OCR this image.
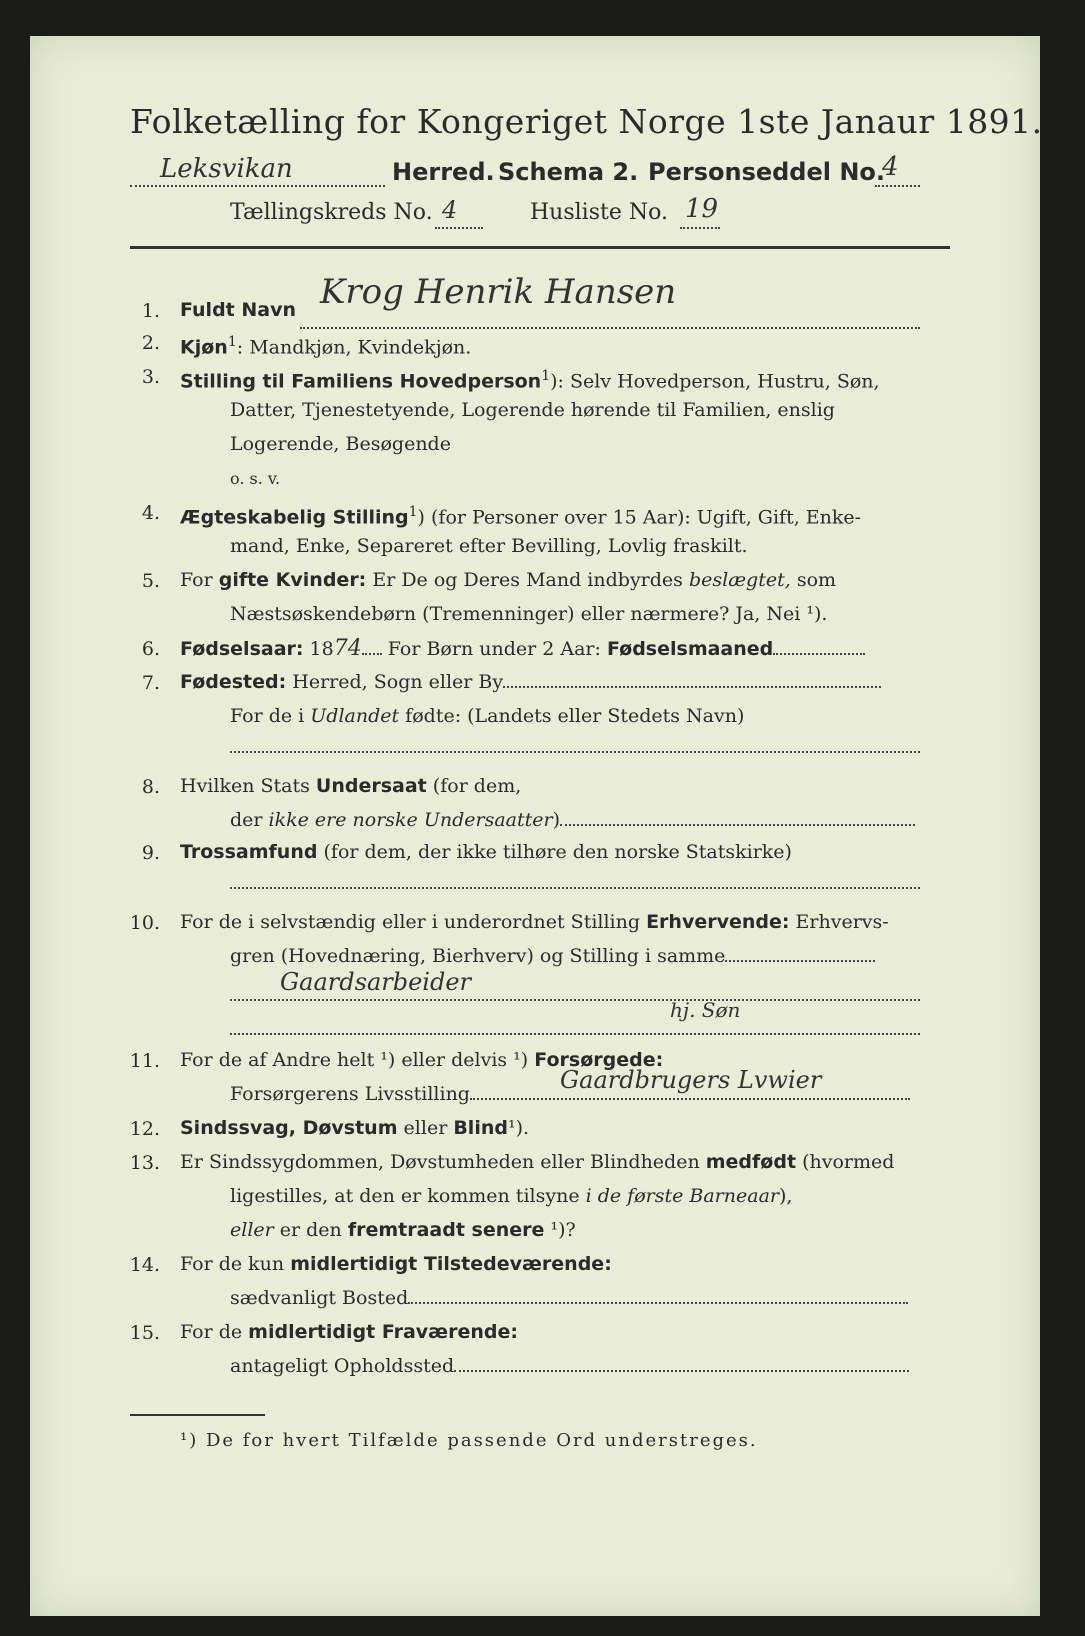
Folketælling for Kongeriget Norge 1ste Janaur 1891.
Leksvikan	Herred. Schema 2. Personseddel No.
4
Tællingskreds No. 4	Husliste No. 19
1. Fuldt Navn Krog Henrik Hansen
2. Kjøn$^1$: Mandkjøn, Kvindekjøn.
3. Stilling til Familiens Hovedperson$^1$): Selv Hovedperson, Hustru, Søn,
Datter, Tjenestetyende, Logerende hørende til Familien, enslig
Logerende, Besøgende
o. s. v.
4. Ægteskabelig Stilling$^1$) (for Personer over 15 Aar): Ugift, Gift, Enke-
mand, Enke, Separeret efter Bevilling, Lovlig fraskilt.
5. For gifte Kvinder: Er De og Deres Mand indbyrdes beslægtet, som
Næstsøskendebørn (Tremenninger) eller nærmere? Ja, Nei ¹).
6. Fødselsaar: 1874 For Børn under 2 Aar: Fødselsmaaned
7. Fødested: Herred, Sogn eller By
For de i Udlandet fødte: (Landets eller Stedets Navn)
8. Hvilken Stats Undersaat (for dem,
der ikke ere norske Undersaatter)
9. Trossamfund (for dem, der ikke tilhøre den norske Statskirke)
10. For de i selvstændig eller i underordnet Stilling Erhvervende: Erhvervs-
gren (Hovednæring, Bierhverv) og Stilling i samme
Gaardsarbeider
hj. Søn
11. For de af Andre helt ¹) eller delvis ¹) Forsørgede:
Forsørgerens Livsstilling	Gaardbrugers Lvwier
12. Sindssvag, Døvstum eller Blind¹).
13. Er Sindssygdommen, Døvstumheden eller Blindheden medfødt (hvormed
ligestilles, at den er kommen tilsyne i de første Barneaar),
eller er den fremtraadt senere ¹)?
14. For de kun midlertidigt Tilstedeværende:
sædvanligt Bosted
15. For de midlertidigt Fraværende:
antageligt Opholdssted
¹) De for hvert Tilfælde passende Ord understreges.
